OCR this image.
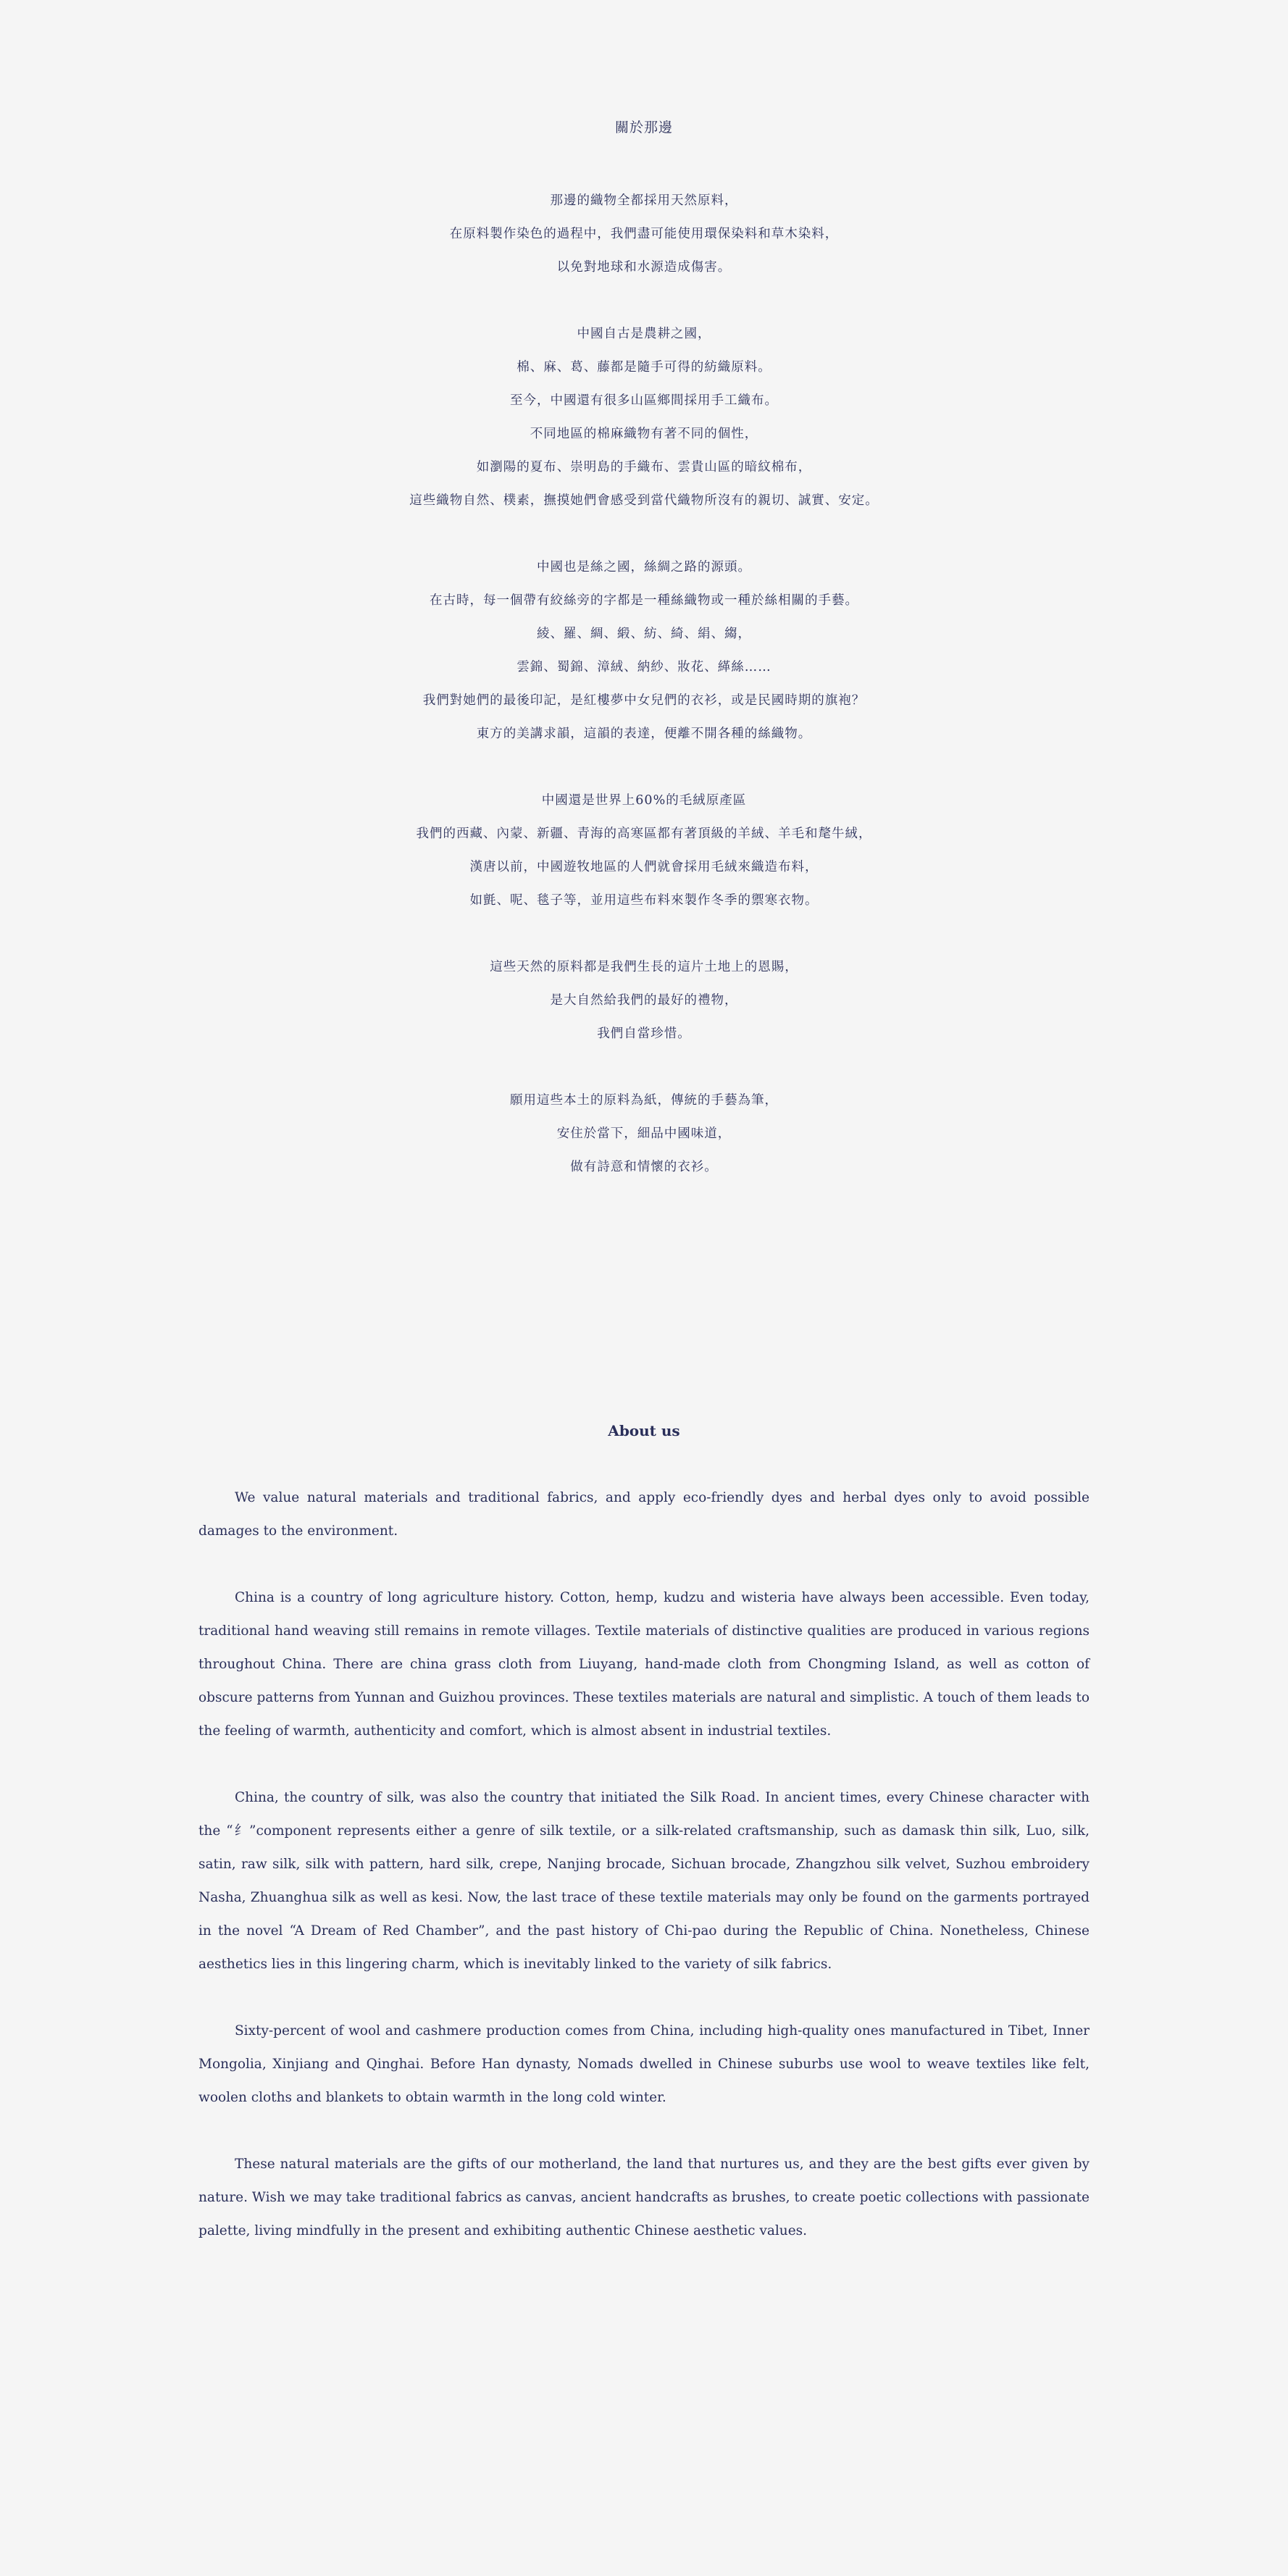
關於那邊
那邊的織物全都採用天然原料，
在原料製作染色的過程中，我們盡可能使用環保染料和草木染料，
以免對地球和水源造成傷害。
中國自古是農耕之國，
棉、麻、葛、藤都是隨手可得的紡織原料。
至今，中國還有很多山區鄉間採用手工織布。
不同地區的棉麻織物有著不同的個性，
如瀏陽的夏布、崇明島的手織布、雲貴山區的暗紋棉布，
這些織物自然、樸素，撫摸她們會感受到當代織物所沒有的親切、誠實、安定。
中國也是絲之國，絲綢之路的源頭。
在古時，每一個帶有絞絲旁的字都是一種絲織物或一種於絲相關的手藝。
綾、羅、綢、緞、紡、綺、絹、縐，
雲錦、蜀錦、漳絨、納紗、妝花、緙絲……
我們對她們的最後印記，是紅樓夢中女兒們的衣衫，或是民國時期的旗袍？
東方的美講求韻，這韻的表達，便離不開各種的絲織物。
中國還是世界上60%的毛絨原產區
我們的西藏、內蒙、新疆、青海的高寒區都有著頂級的羊絨、羊毛和氂牛絨，
漢唐以前，中國遊牧地區的人們就會採用毛絨來織造布料，
如氈、呢、毯子等，並用這些布料來製作冬季的禦寒衣物。
這些天然的原料都是我們生長的這片土地上的恩賜，
是大自然給我們的最好的禮物，
我們自當珍惜。
願用這些本土的原料為紙，傳統的手藝為筆，
安住於當下，細品中國味道，
做有詩意和情懷的衣衫。
About us

We value natural materials and traditional fabrics, and apply eco-friendly dyes and herbal dyes only to avoid possible damages to the environment.

China is a country of long agriculture history. Cotton, hemp, kudzu and wisteria have always been accessible. Even today, traditional hand weaving still remains in remote villages. Textile materials of distinctive qualities are produced in various regions throughout China. There are china grass cloth from Liuyang, hand-made cloth from Chongming Island, as well as cotton of obscure patterns from Yunnan and Guizhou provinces. These textiles materials are natural and simplistic. A touch of them leads to the feeling of warmth, authenticity and comfort, which is almost absent in industrial textiles.

China, the country of silk, was also the country that initiated the Silk Road. In ancient times, every Chinese character with the “纟”component represents either a genre of silk textile, or a silk-related craftsmanship, such as damask thin silk, Luo, silk, satin, raw silk, silk with pattern, hard silk, crepe, Nanjing brocade, Sichuan brocade, Zhangzhou silk velvet, Suzhou embroidery Nasha, Zhuanghua silk as well as kesi. Now, the last trace of these textile materials may only be found on the garments portrayed in the novel “A Dream of Red Chamber”, and the past history of Chi-pao during the Republic of China. Nonetheless, Chinese aesthetics lies in this lingering charm, which is inevitably linked to the variety of silk fabrics.

Sixty-percent of wool and cashmere production comes from China, including high-quality ones manufactured in Tibet, Inner Mongolia, Xinjiang and Qinghai. Before Han dynasty, Nomads dwelled in Chinese suburbs use wool to weave textiles like felt, woolen cloths and blankets to obtain warmth in the long cold winter.

These natural materials are the gifts of our motherland, the land that nurtures us, and they are the best gifts ever given by nature. Wish we may take traditional fabrics as canvas, ancient handcrafts as brushes, to create poetic collections with passionate palette, living mindfully in the present and exhibiting authentic Chinese aesthetic values.
